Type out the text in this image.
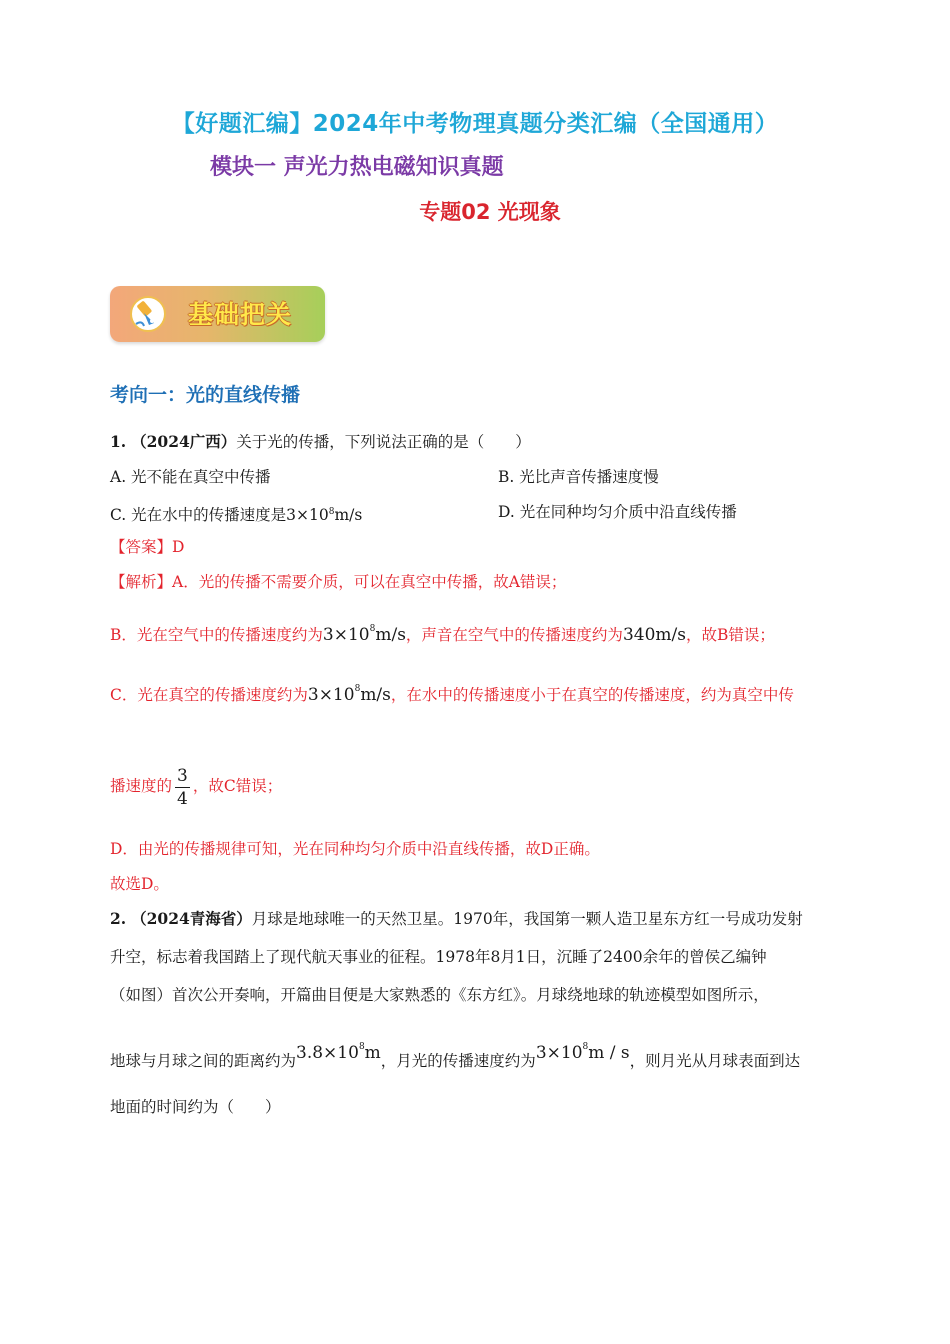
【好题汇编】2024年中考物理真题分类汇编（全国通用）
模块一 声光力热电磁知识真题
专题02 光现象
基础把关
考向一：光的直线传播
1. （2024广西）关于光的传播，下列说法正确的是（　　）
A. 光不能在真空中传播	B. 光比声音传播速度慢
C. 光在水中的传播速度是$3\times 10^8m/s$	D. 光在同种均匀介质中沿直线传播
【答案】D
【解析】A．光的传播不需要介质，可以在真空中传播，故A错误；
B．光在空气中的传播速度约为$3\times 10^8m/s$，声音在空气中的传播速度约为340m/s，故B错误；
C．光在真空的传播速度约为$3\times 10^8m/s$，在水中的传播速度小于在真空的传播速度，约为真空中传
播速度的 $\frac{3}{4}$ ，故C错误；
D．由光的传播规律可知，光在同种均匀介质中沿直线传播，故D正确。
故选D。
2. （2024青海省）月球是地球唯一的天然卫星。1970年，我国第一颗人造卫星东方红一号成功发射
升空，标志着我国踏上了现代航天事业的征程。1978年8月1日，沉睡了2400余年的曾侯乙编钟
（如图）首次公开奏响，开篇曲目便是大家熟悉的《东方红》。月球绕地球的轨迹模型如图所示，
地球与月球之间的距离约为$3.8\times 10^8m$，月光的传播速度约为$3\times 10^8m / s$，则月光从月球表面到达
地面的时间约为（　　）
